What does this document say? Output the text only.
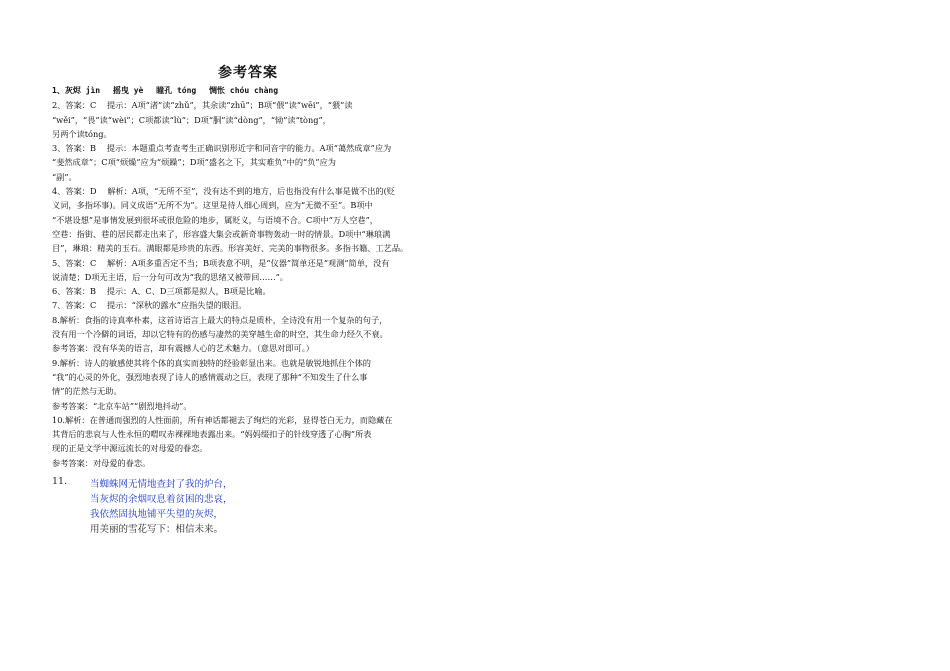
参考答案
1、灰烬 jìn　 摇曳 yè　 瞳孔 tóng　 惆怅 chóu chàng
2、答案：C　 提示：A项“渚”读“zhǔ”，其余读“zhū”；B项“偎”读“wēi”，“猥”读
“wěi”，“畏”读“wèi”；C项都读“lù”；D项“胴”读“dòng”，“恸”读“tòng”，
另两个读tóng。
3、答案：B　 提示：本题重点考查考生正确识别形近字和同音字的能力。A项“蔼然成章”应为
“斐然成章”；C项“烦燥”应为“烦躁”；D项“盛名之下，其实难负”中的“负”应为
“副”。
4、答案：D　 解析：A项，“无所不至”，没有达不到的地方，后也指没有什么事是做不出的(贬
义词，多指坏事)。同义成语“无所不为”。这里是待人细心周到，应为“无微不至”。B项中
“不堪设想”是事情发展到很坏或很危险的地步，属贬义，与语境不合。C项中“万人空巷”，
空巷：指街、巷的居民都走出来了，形容盛大集会或新奇事物轰动一时的情景。D项中“琳琅满
目”，琳琅：精美的玉石。满眼都是珍贵的东西。形容美好、完美的事物很多。多指书籍、工艺品。
5、答案：C　 解析：A项多重否定不当；B项表意不明，是“仪器”简单还是“观测”简单，没有
说清楚；D项无主语，后一分句可改为“我的思绪又被带回……”。
6、答案：B　 提示：A、C、D三项都是拟人，B项是比喻。
7、答案：C　 提示：“深秋的露水”应指失望的眼泪。
8.解析：食指的诗真率朴素，这首诗语言上最大的特点是质朴，全诗没有用一个复杂的句子，
没有用一个冷僻的词语，却以它特有的伤感与凄然的美穿越生命的时空，其生命力经久不衰。
参考答案：没有华美的语言，却有震撼人心的艺术魅力。（意思对即可。）
9.解析：诗人的敏感使其将个体的真实而独特的经验彰显出来。也就是敏锐地抓住个体的
“我”的心灵的外化，强烈地表现了诗人的感情震动之巨，表现了那种“不知发生了什么事
情”的茫然与无助。
参考答案：“北京车站”“剧烈地抖动”。
10.解析：在普通而强烈的人性面前，所有神话都褪去了绚烂的光彩，显得苍白无力，而隐藏在
其背后的悲哀与人性永恒的喟叹赤裸裸地表露出来。“妈妈缀扣子的针线穿透了心胸”所表
现的正是文学中源远流长的对母爱的眷恋。
参考答案：对母爱的眷恋。
11. 当蜘蛛网无情地查封了我的炉台，
当灰烬的余烟叹息着贫困的悲哀，
我依然固执地铺平失望的灰烬，
用美丽的雪花写下：相信未来。
